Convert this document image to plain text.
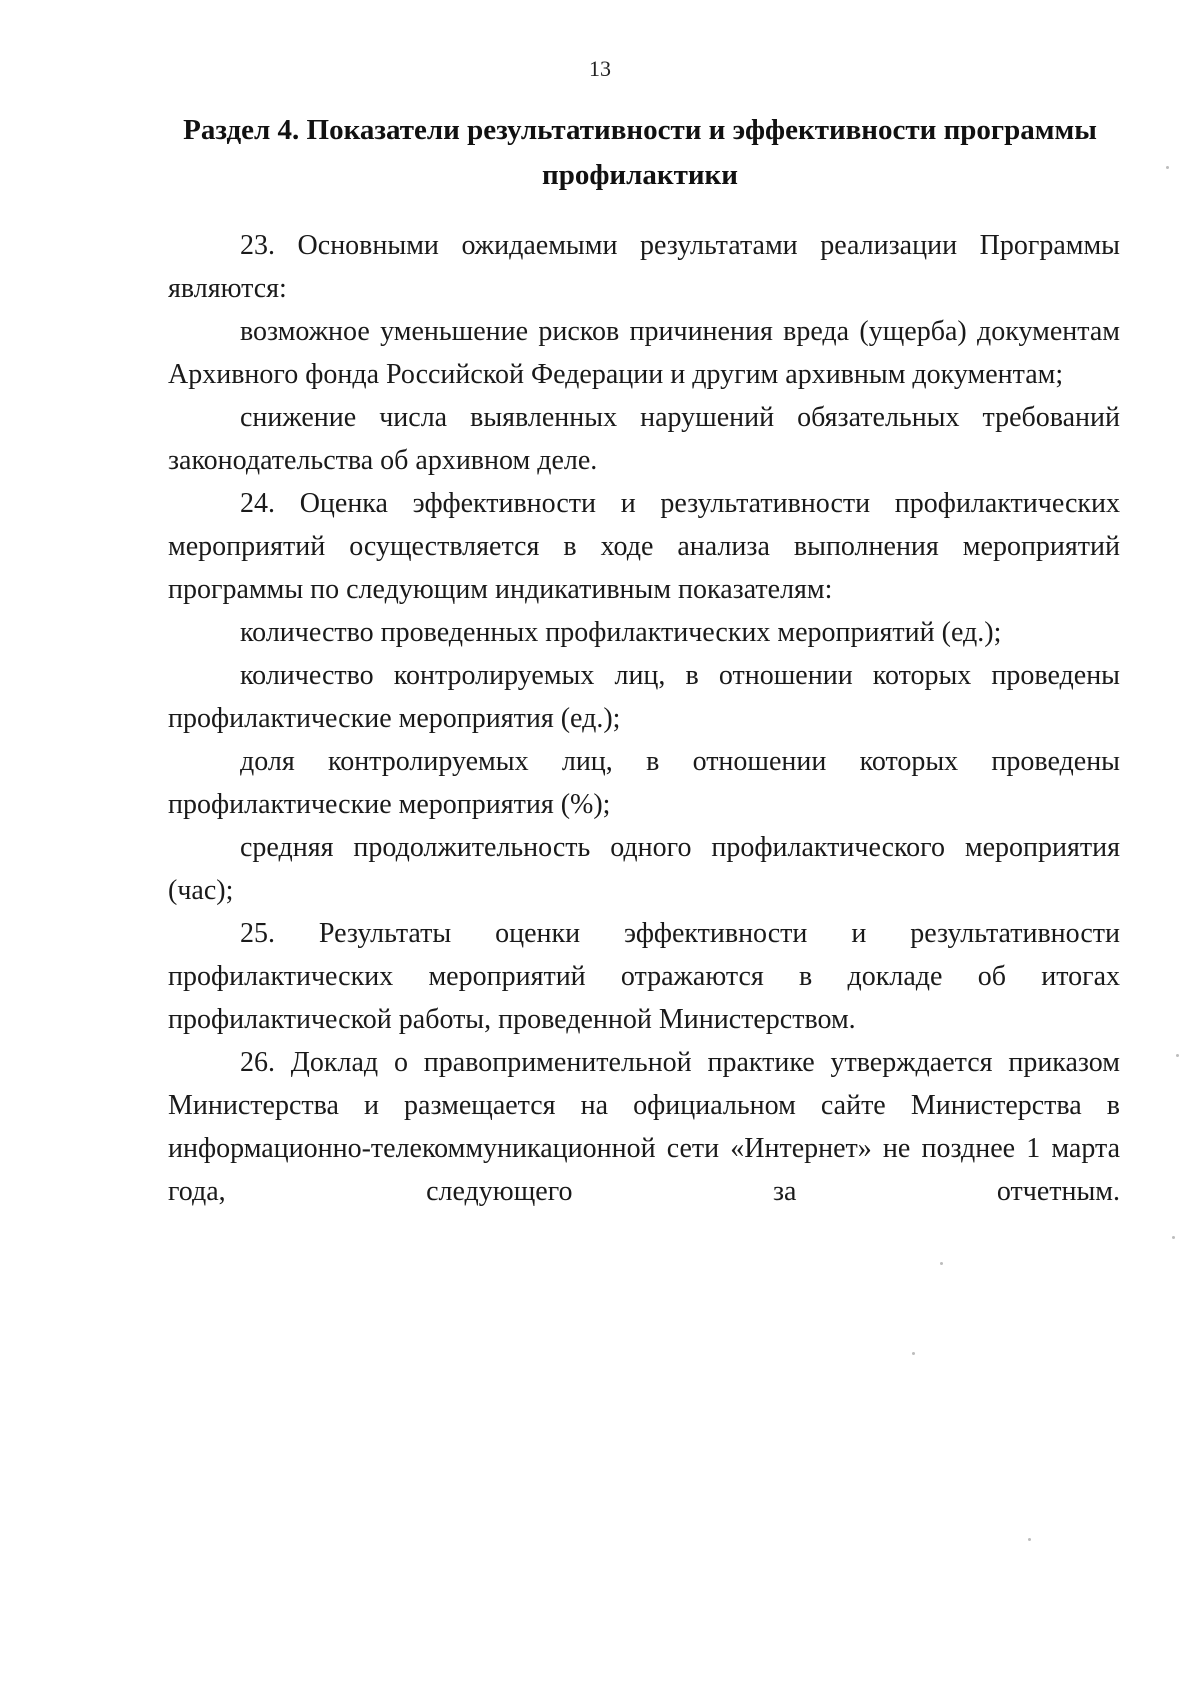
13
Раздел 4. Показатели результативности и эффективности программы профилактики

23. Основными ожидаемыми результатами реализации Программы являются:

возможное уменьшение рисков причинения вреда (ущерба) документам Архивного фонда Российской Федерации и другим архивным документам;

снижение числа выявленных нарушений обязательных требований законодательства об архивном деле.

24. Оценка эффективности и результативности профилактических мероприятий осуществляется в ходе анализа выполнения мероприятий программы по следующим индикативным показателям:

количество проведенных профилактических мероприятий (ед.);

количество контролируемых лиц, в отношении которых проведены профилактические мероприятия (ед.);

доля контролируемых лиц, в отношении которых проведены профилактические мероприятия (%);

средняя продолжительность одного профилактического мероприятия (час);

25. Результаты оценки эффективности и результативности профилактических мероприятий отражаются в докладе об итогах профилактической работы, проведенной Министерством.

26. Доклад о правоприменительной практике утверждается приказом Министерства и размещается на официальном сайте Министерства в информационно-телекоммуникационной сети «Интернет» не позднее 1 марта года, следующего за отчетным.
